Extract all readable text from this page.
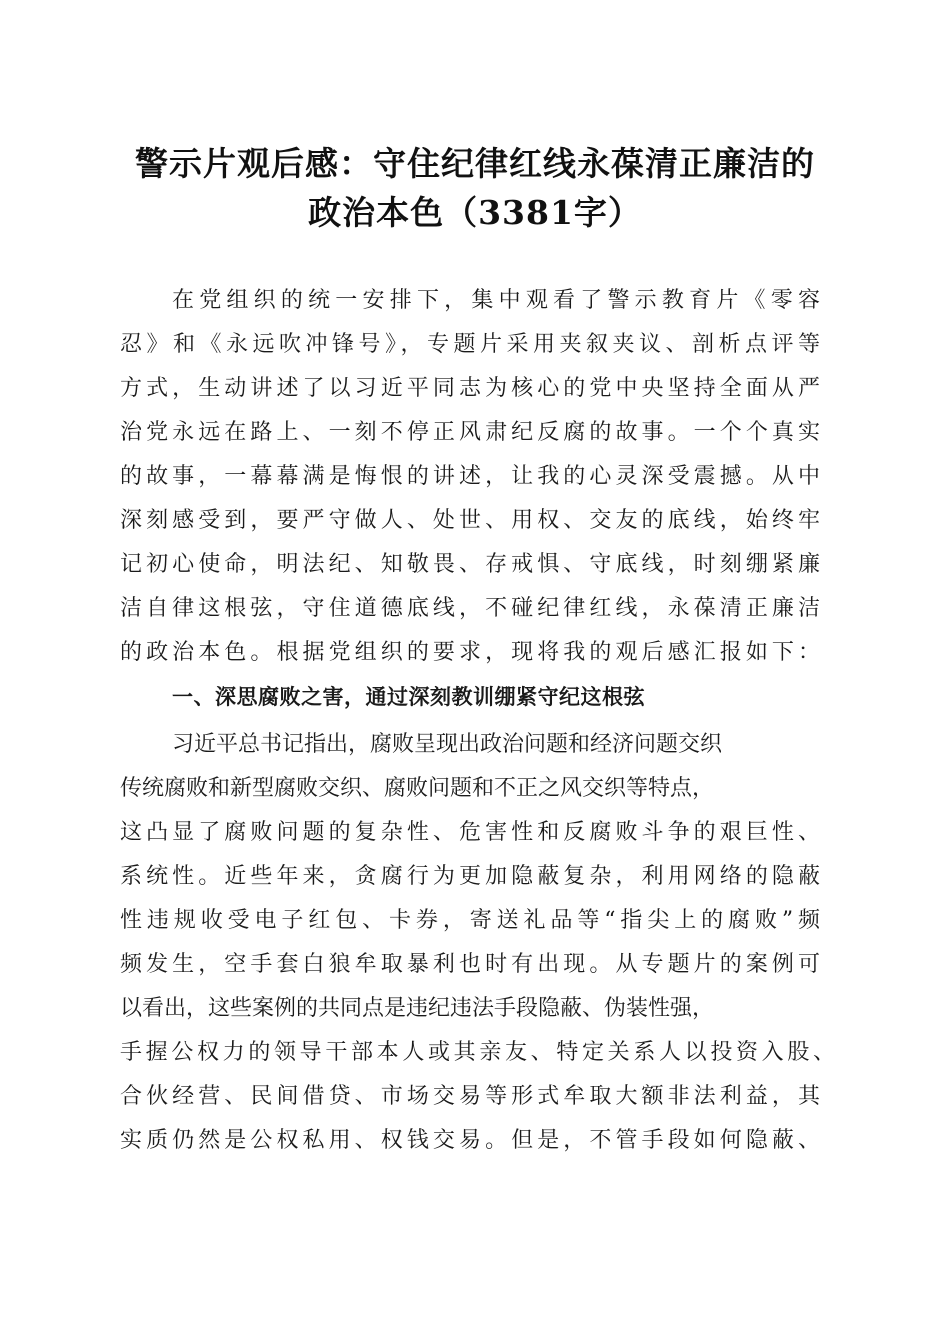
警示片观后感：守住纪律红线永葆清正廉洁的
政治本色（3381字）
在党组织的统一安排下，集中观看了警示教育片《零容
忍》和《永远吹冲锋号》，专题片采用夹叙夹议、剖析点评等
方式，生动讲述了以习近平同志为核心的党中央坚持全面从严
治党永远在路上、一刻不停正风肃纪反腐的故事。一个个真实
的故事，一幕幕满是悔恨的讲述，让我的心灵深受震撼。从中
深刻感受到，要严守做人、处世、用权、交友的底线，始终牢
记初心使命，明法纪、知敬畏、存戒惧、守底线，时刻绷紧廉
洁自律这根弦，守住道德底线，不碰纪律红线，永葆清正廉洁
的政治本色。根据党组织的要求，现将我的观后感汇报如下：
一、深思腐败之害，通过深刻教训绷紧守纪这根弦
习近平总书记指出，腐败呈现出政治问题和经济问题交织
传统腐败和新型腐败交织、腐败问题和不正之风交织等特点，
这凸显了腐败问题的复杂性、危害性和反腐败斗争的艰巨性、
系统性。近些年来，贪腐行为更加隐蔽复杂，利用网络的隐蔽
性违规收受电子红包、卡券，寄送礼品等“指尖上的腐败”频
频发生，空手套白狼牟取暴利也时有出现。从专题片的案例可
以看出，这些案例的共同点是违纪违法手段隐蔽、伪装性强，
手握公权力的领导干部本人或其亲友、特定关系人以投资入股、
合伙经营、民间借贷、市场交易等形式牟取大额非法利益，其
实质仍然是公权私用、权钱交易。但是，不管手段如何隐蔽、
